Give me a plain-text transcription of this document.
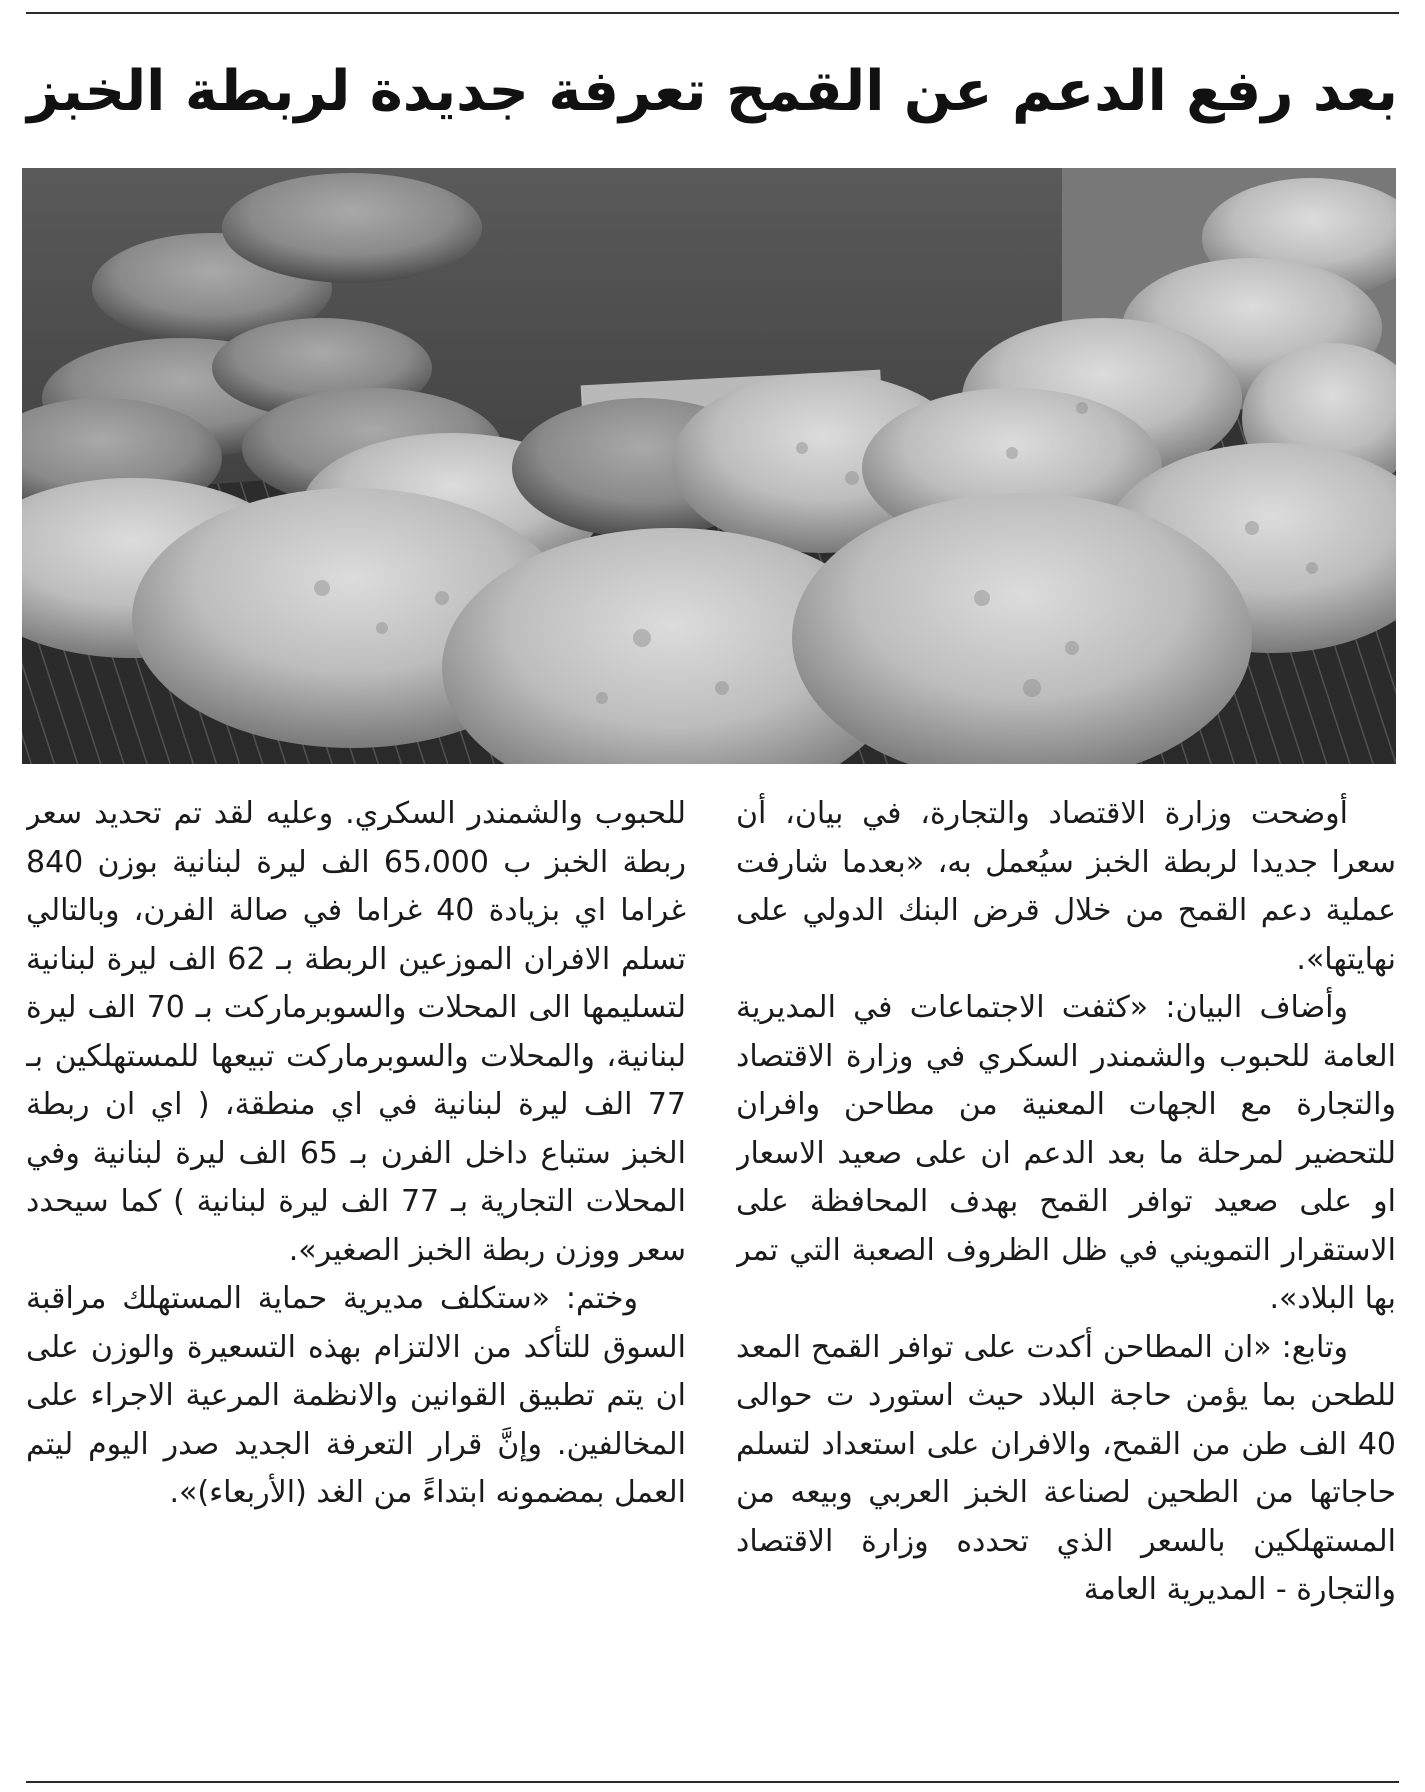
بعد رفع الدعم عن القمح تعرفة جديدة لربطة الخبز

أوضحت وزارة الاقتصاد والتجارة، في بيان، أن سعرا جديدا لربطة الخبز سيُعمل به، «بعدما شارفت عملية دعم القمح من خلال قرض البنك الدولي على نهايتها».

وأضاف البيان: «كثفت الاجتماعات في المديرية العامة للحبوب والشمندر السكري في وزارة الاقتصاد والتجارة مع الجهات المعنية من مطاحن وافران للتحضير لمرحلة ما بعد الدعم ان على صعيد الاسعار او على صعيد توافر القمح بهدف المحافظة على الاستقرار التمويني في ظل الظروف الصعبة التي تمر بها البلاد».

وتابع: «ان المطاحن أكدت على توافر القمح المعد للطحن بما يؤمن حاجة البلاد حيث استورد ت حوالى 40 الف طن من القمح، والافران على استعداد لتسلم حاجاتها من الطحين لصناعة الخبز العربي وبيعه من المستهلكين بالسعر الذي تحدده وزارة الاقتصاد والتجارة - المديرية العامة

للحبوب والشمندر السكري. وعليه لقد تم تحديد سعر ربطة الخبز ب 65،000 الف ليرة لبنانية بوزن 840 غراما اي بزيادة 40 غراما في صالة الفرن، وبالتالي تسلم الافران الموزعين الربطة بـ 62 الف ليرة لبنانية لتسليمها الى المحلات والسوبرماركت بـ 70 الف ليرة لبنانية، والمحلات والسوبرماركت تبيعها للمستهلكين بـ 77 الف ليرة لبنانية في اي منطقة، ( اي ان ربطة الخبز ستباع داخل الفرن بـ 65 الف ليرة لبنانية وفي المحلات التجارية بـ 77 الف ليرة لبنانية ) كما سيحدد سعر ووزن ربطة الخبز الصغير».

وختم: «ستكلف مديرية حماية المستهلك مراقبة السوق للتأكد من الالتزام بهذه التسعيرة والوزن على ان يتم تطبيق القوانين والانظمة المرعية الاجراء على المخالفين. وإنَّ قرار التعرفة الجديد صدر اليوم ليتم العمل بمضمونه ابتداءً من الغد (الأربعاء)».
